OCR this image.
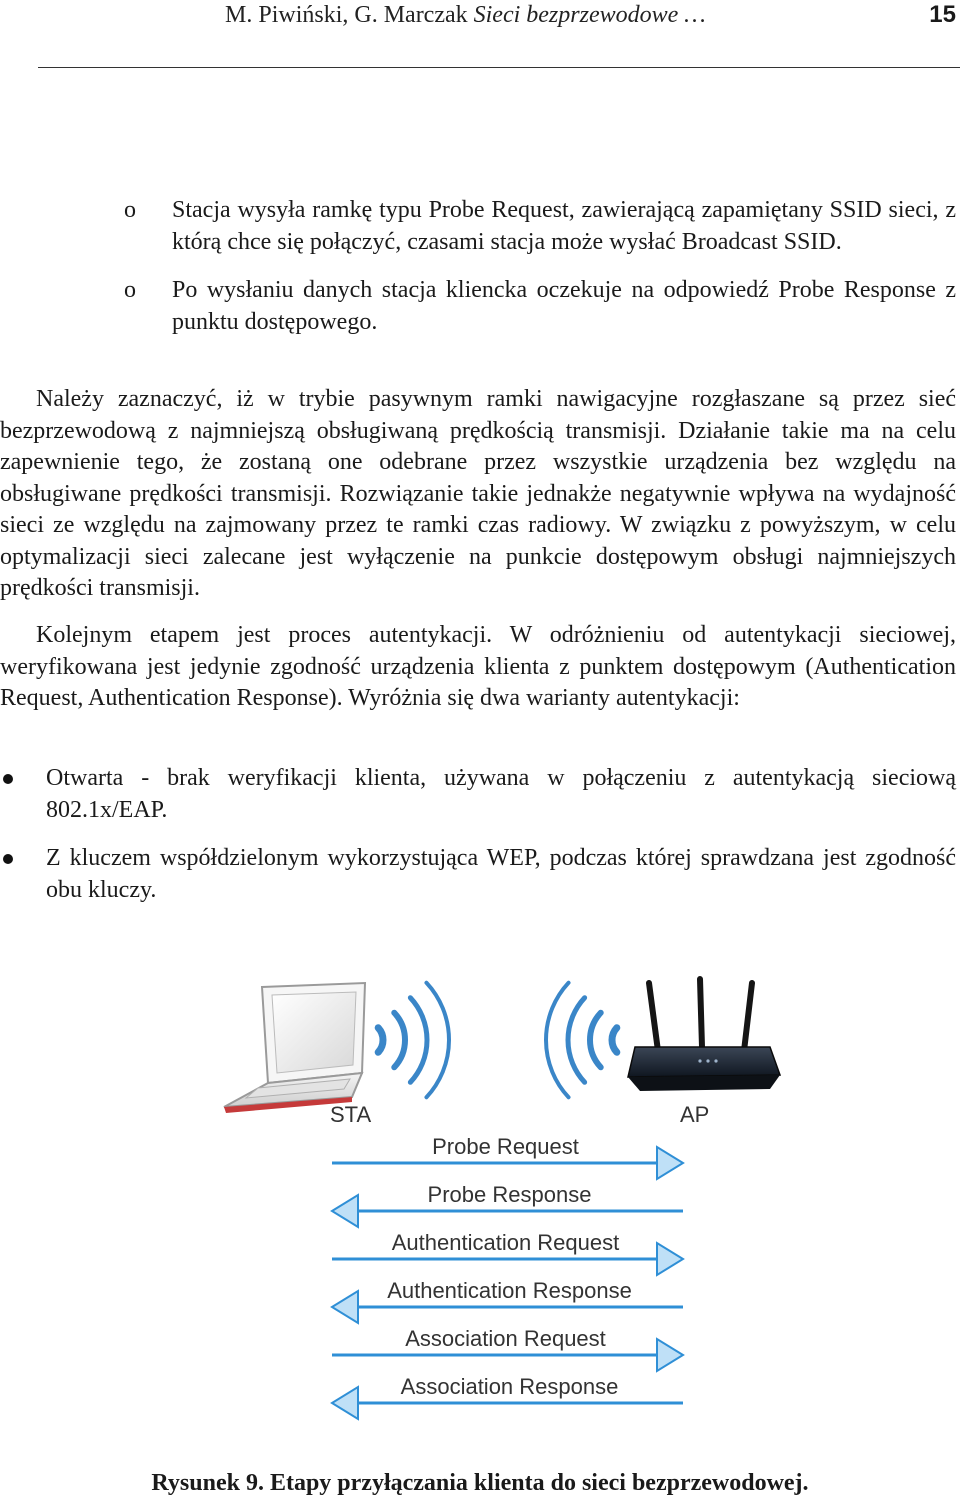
M. Piwiński, G. Marczak Sieci bezprzewodowe …	15
o Stacja wysyła ramkę typu Probe Request, zawierającą zapamiętany SSID sieci, z którą chce się połączyć, czasami stacja może wysłać Broadcast SSID.
o Po wysłaniu danych stacja kliencka oczekuje na odpowiedź Probe Response z punktu dostępowego.
Należy zaznaczyć, iż w trybie pasywnym ramki nawigacyjne rozgłaszane są przez sieć bezprzewodową z najmniejszą obsługiwaną prędkością transmisji. Działanie takie ma na celu zapewnienie tego, że zostaną one odebrane przez wszystkie urządzenia bez względu na obsługiwane prędkości transmisji. Rozwiązanie takie jednakże negatywnie wpływa na wydajność sieci ze względu na zajmowany przez te ramki czas radiowy. W związku z powyższym, w celu optymalizacji sieci zalecane jest wyłączenie na punkcie dostępowym obsługi najmniejszych prędkości transmisji.
Kolejnym etapem jest proces autentykacji. W odróżnieniu od autentykacji sieciowej, weryfikowana jest jedynie zgodność urządzenia klienta z punktem dostępowym (Authentication Request, Authentication Response). Wyróżnia się dwa warianty autentykacji:
Otwarta - brak weryfikacji klienta, używana w połączeniu z autentykacją sieciową 802.1x/EAP.
Z kluczem współdzielonym wykorzystująca WEP, podczas której sprawdzana jest zgodność obu kluczy.
Probe Request
Probe Response
Authentication Request
Authentication Response
Association Request
Association Response
STA	AP
Rysunek 9. Etapy przyłączania klienta do sieci bezprzewodowej.
